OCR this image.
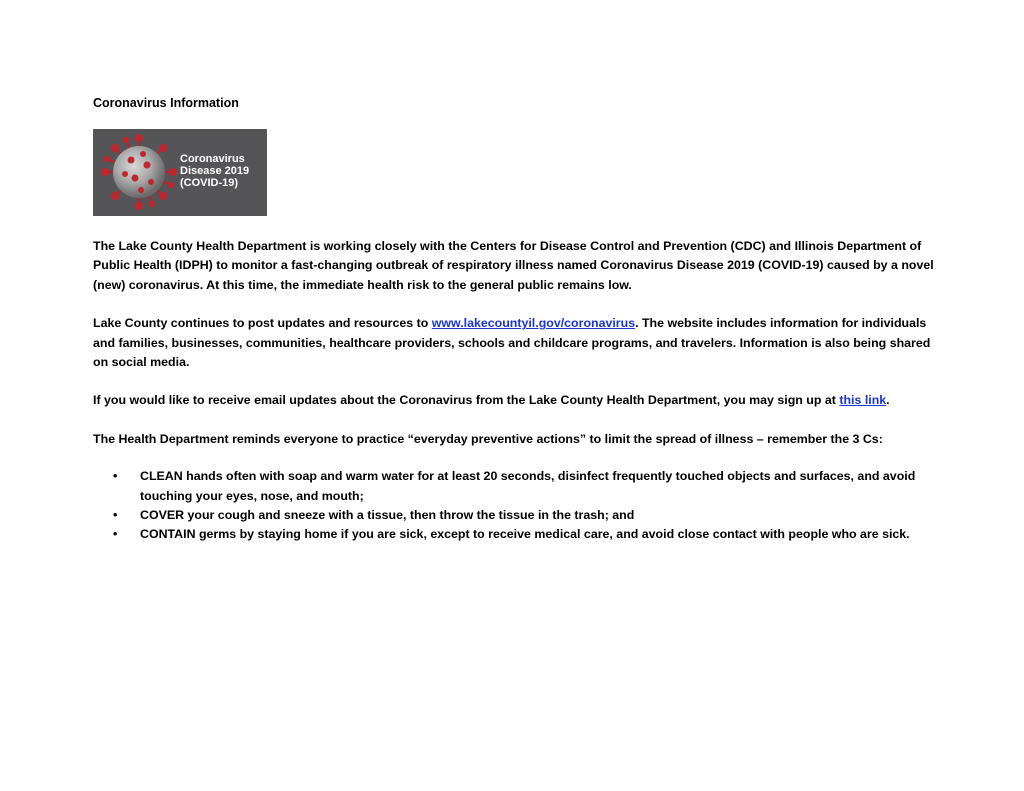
Coronavirus Information
Coronavirus
Disease 2019
(COVID-19)

The Lake County Health Department is working closely with the Centers for Disease Control and Prevention (CDC) and Illinois Department of Public Health (IDPH) to monitor a fast-changing outbreak of respiratory illness named Coronavirus Disease 2019 (COVID-19) caused by a novel (new) coronavirus. At this time, the immediate health risk to the general public remains low.

Lake County continues to post updates and resources to www.lakecountyil.gov/coronavirus. The website includes information for individuals and families, businesses, communities, healthcare providers, schools and childcare programs, and travelers. Information is also being shared on social media.

If you would like to receive email updates about the Coronavirus from the Lake County Health Department, you may sign up at this link.

The Health Department reminds everyone to practice “everyday preventive actions” to limit the spread of illness – remember the 3 Cs:

• CLEAN hands often with soap and warm water for at least 20 seconds, disinfect frequently touched objects and surfaces, and avoid touching your eyes, nose, and mouth;
• COVER your cough and sneeze with a tissue, then throw the tissue in the trash; and
• CONTAIN germs by staying home if you are sick, except to receive medical care, and avoid close contact with people who are sick.
